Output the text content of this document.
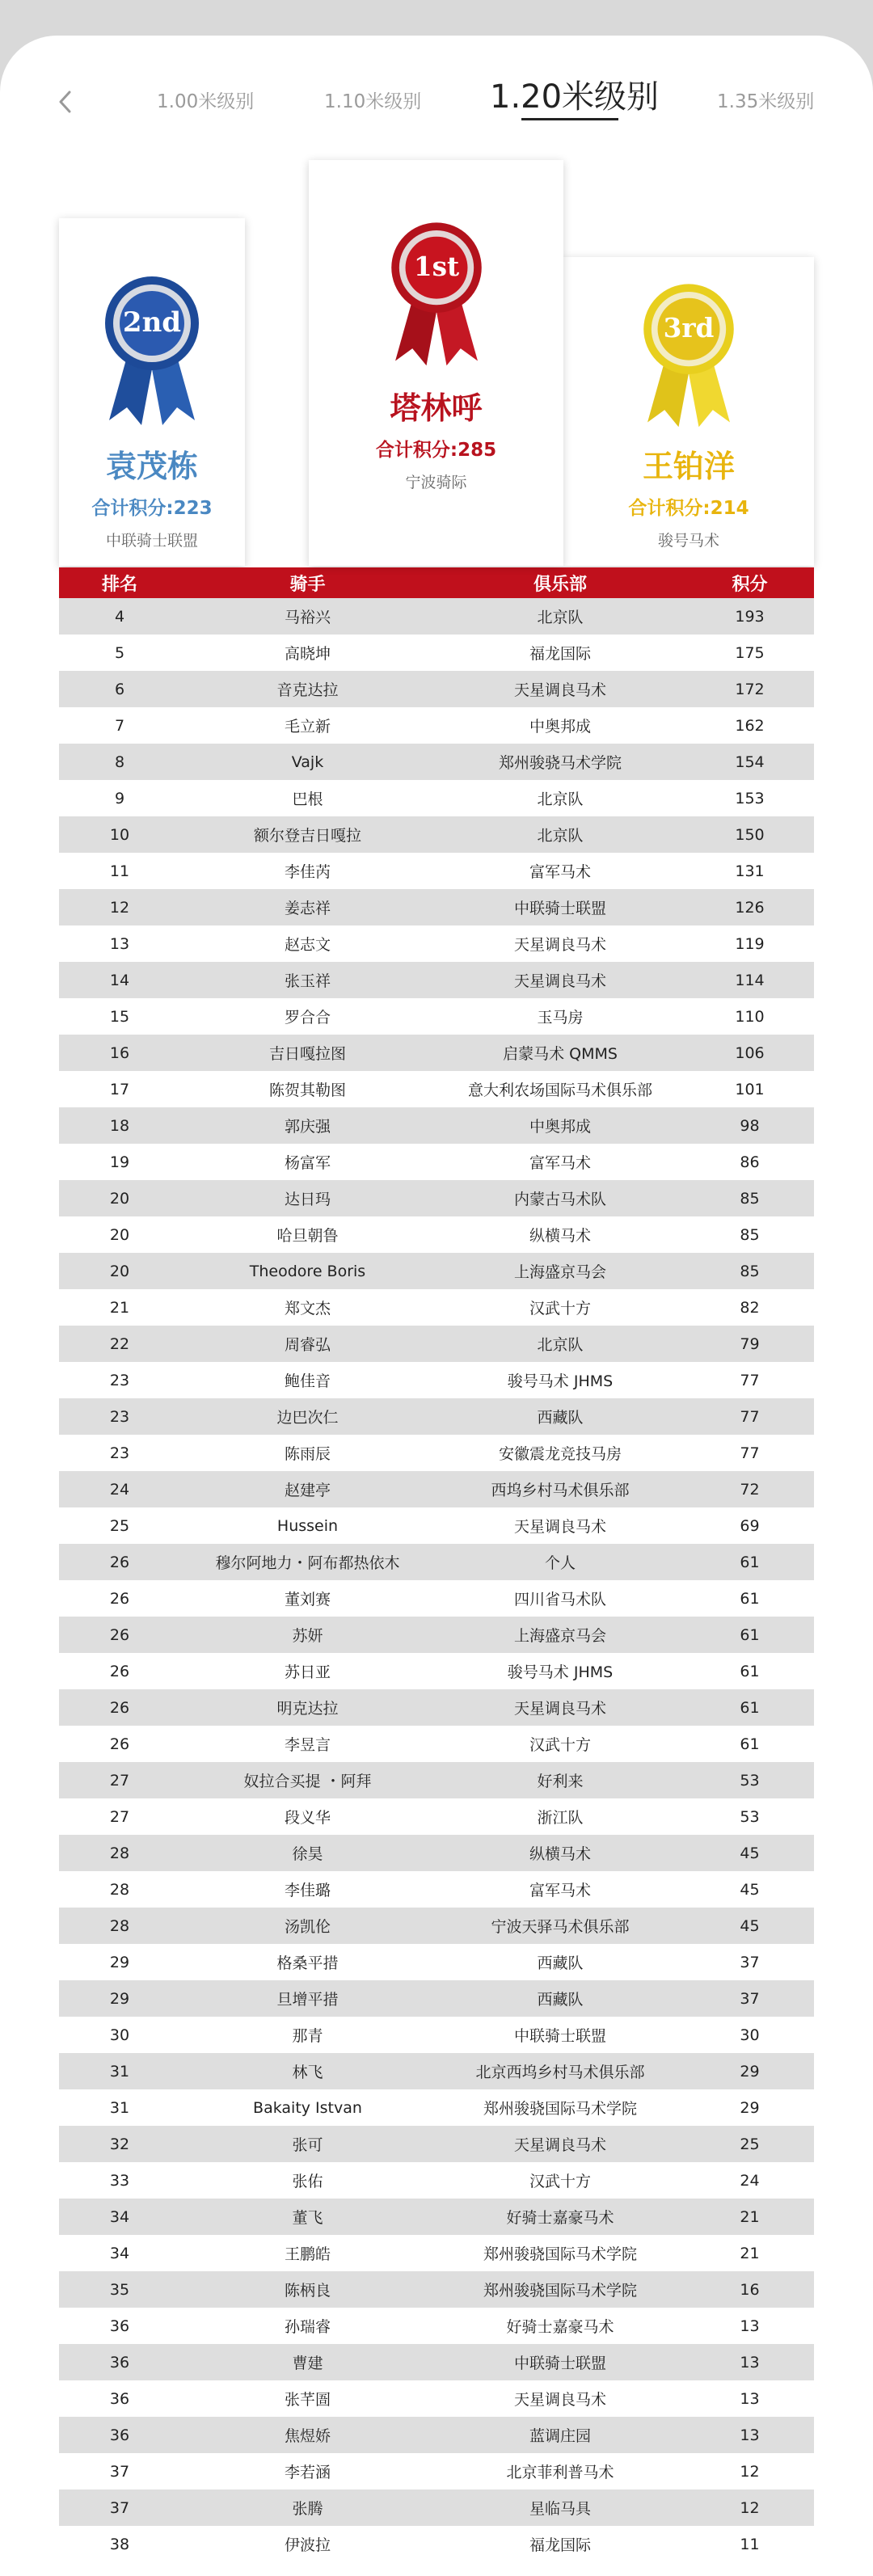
1.00米级别	1.10米级别 1.20米级别	1.35米级别
2nd
袁茂栋
合计积分:223
中联骑士联盟
1st
塔林呼
合计积分:285
宁波骑际
3rd
王铂洋
合计积分:214
骏号马术
排名	骑手	俱乐部	积分
4	马裕兴	北京队	193
5	高晓坤	福龙国际	175
6	音克达拉	天星调良马术	172
7	毛立新	中奥邦成	162
8	Vajk	郑州骏骁马术学院	154
9	巴根	北京队	153
10	额尔登吉日嘎拉	北京队	150
11	李佳芮	富军马术	131
12	姜志祥	中联骑士联盟	126
13	赵志文	天星调良马术	119
14	张玉祥	天星调良马术	114
15	罗合合	玉马房	110
16	吉日嘎拉图	启蒙马术 QMMS	106
17	陈贺其勒图	意大利农场国际马术俱乐部	101
18	郭庆强	中奥邦成	98
19	杨富军	富军马术	86
20	达日玛	内蒙古马术队	85
20	哈旦朝鲁	纵横马术	85
20	Theodore Boris	上海盛京马会	85
21	郑文杰	汉武十方	82
22	周睿弘	北京队	79
23	鲍佳音	骏号马术 JHMS	77
23	边巴次仁	西藏队	77
23	陈雨辰	安徽震龙竞技马房	77
24	赵建亭	西坞乡村马术俱乐部	72
25	Hussein	天星调良马术	69
26	穆尔阿地力・阿布都热依木	个人	61
26	董刘赛	四川省马术队	61
26	苏妍	上海盛京马会	61
26	苏日亚	骏号马术 JHMS	61
26	明克达拉	天星调良马术	61
26	李昱言	汉武十方	61
27	奴拉合买提 ・阿拜	好利来	53
27	段义华	浙江队	53
28	徐昊	纵横马术	45
28	李佳璐	富军马术	45
28	汤凯伦	宁波天驿马术俱乐部	45
29	格桑平措	西藏队	37
29	旦增平措	西藏队	37
30	那青	中联骑士联盟	30
31	林飞	北京西坞乡村马术俱乐部	29
31	Bakaity Istvan	郑州骏骁国际马术学院	29
32	张可	天星调良马术	25
33	张佑	汉武十方	24
34	董飞	好骑士嘉豪马术	21
34	王鹏皓	郑州骏骁国际马术学院	21
35	陈柄良	郑州骏骁国际马术学院	16
36	孙瑞睿	好骑士嘉豪马术	13
36	曹建	中联骑士联盟	13
36	张芊圄	天星调良马术	13
36	焦煜娇	蓝调庄园	13
37	李若涵	北京菲利普马术	12
37	张腾	星临马具	12
38	伊波拉	福龙国际	11
